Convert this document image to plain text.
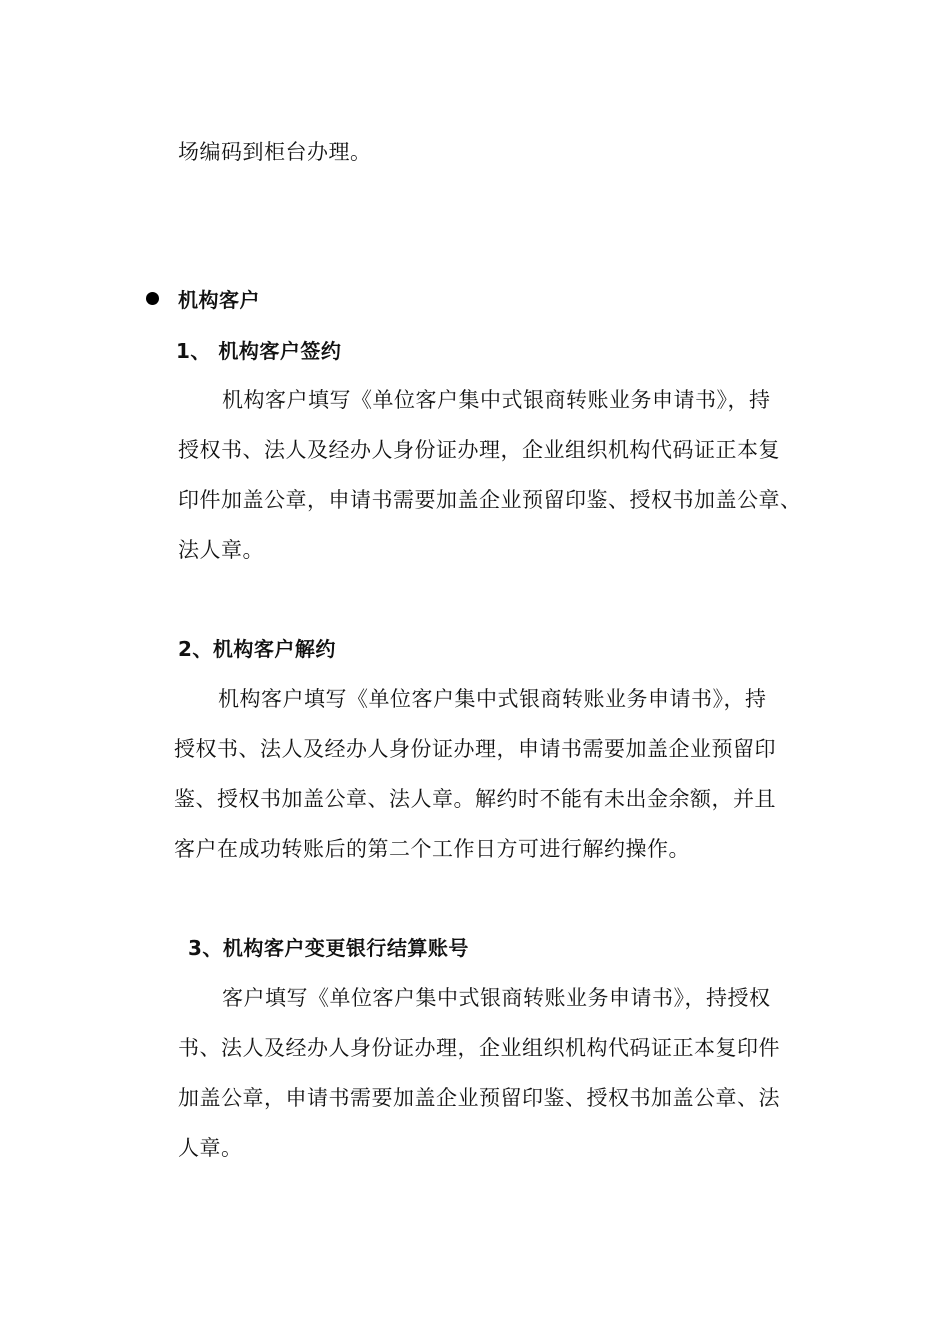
场编码到柜台办理。
机构客户
1、 机构客户签约
机构客户填写《单位客户集中式银商转账业务申请书》，持
授权书、法人及经办人身份证办理，企业组织机构代码证正本复
印件加盖公章，申请书需要加盖企业预留印鉴、授权书加盖公章、
法人章。
2、机构客户解约
机构客户填写《单位客户集中式银商转账业务申请书》，持
授权书、法人及经办人身份证办理，申请书需要加盖企业预留印
鉴、授权书加盖公章、法人章。解约时不能有未出金余额，并且
客户在成功转账后的第二个工作日方可进行解约操作。
3、机构客户变更银行结算账号
客户填写《单位客户集中式银商转账业务申请书》，持授权
书、法人及经办人身份证办理，企业组织机构代码证正本复印件
加盖公章，申请书需要加盖企业预留印鉴、授权书加盖公章、法
人章。
